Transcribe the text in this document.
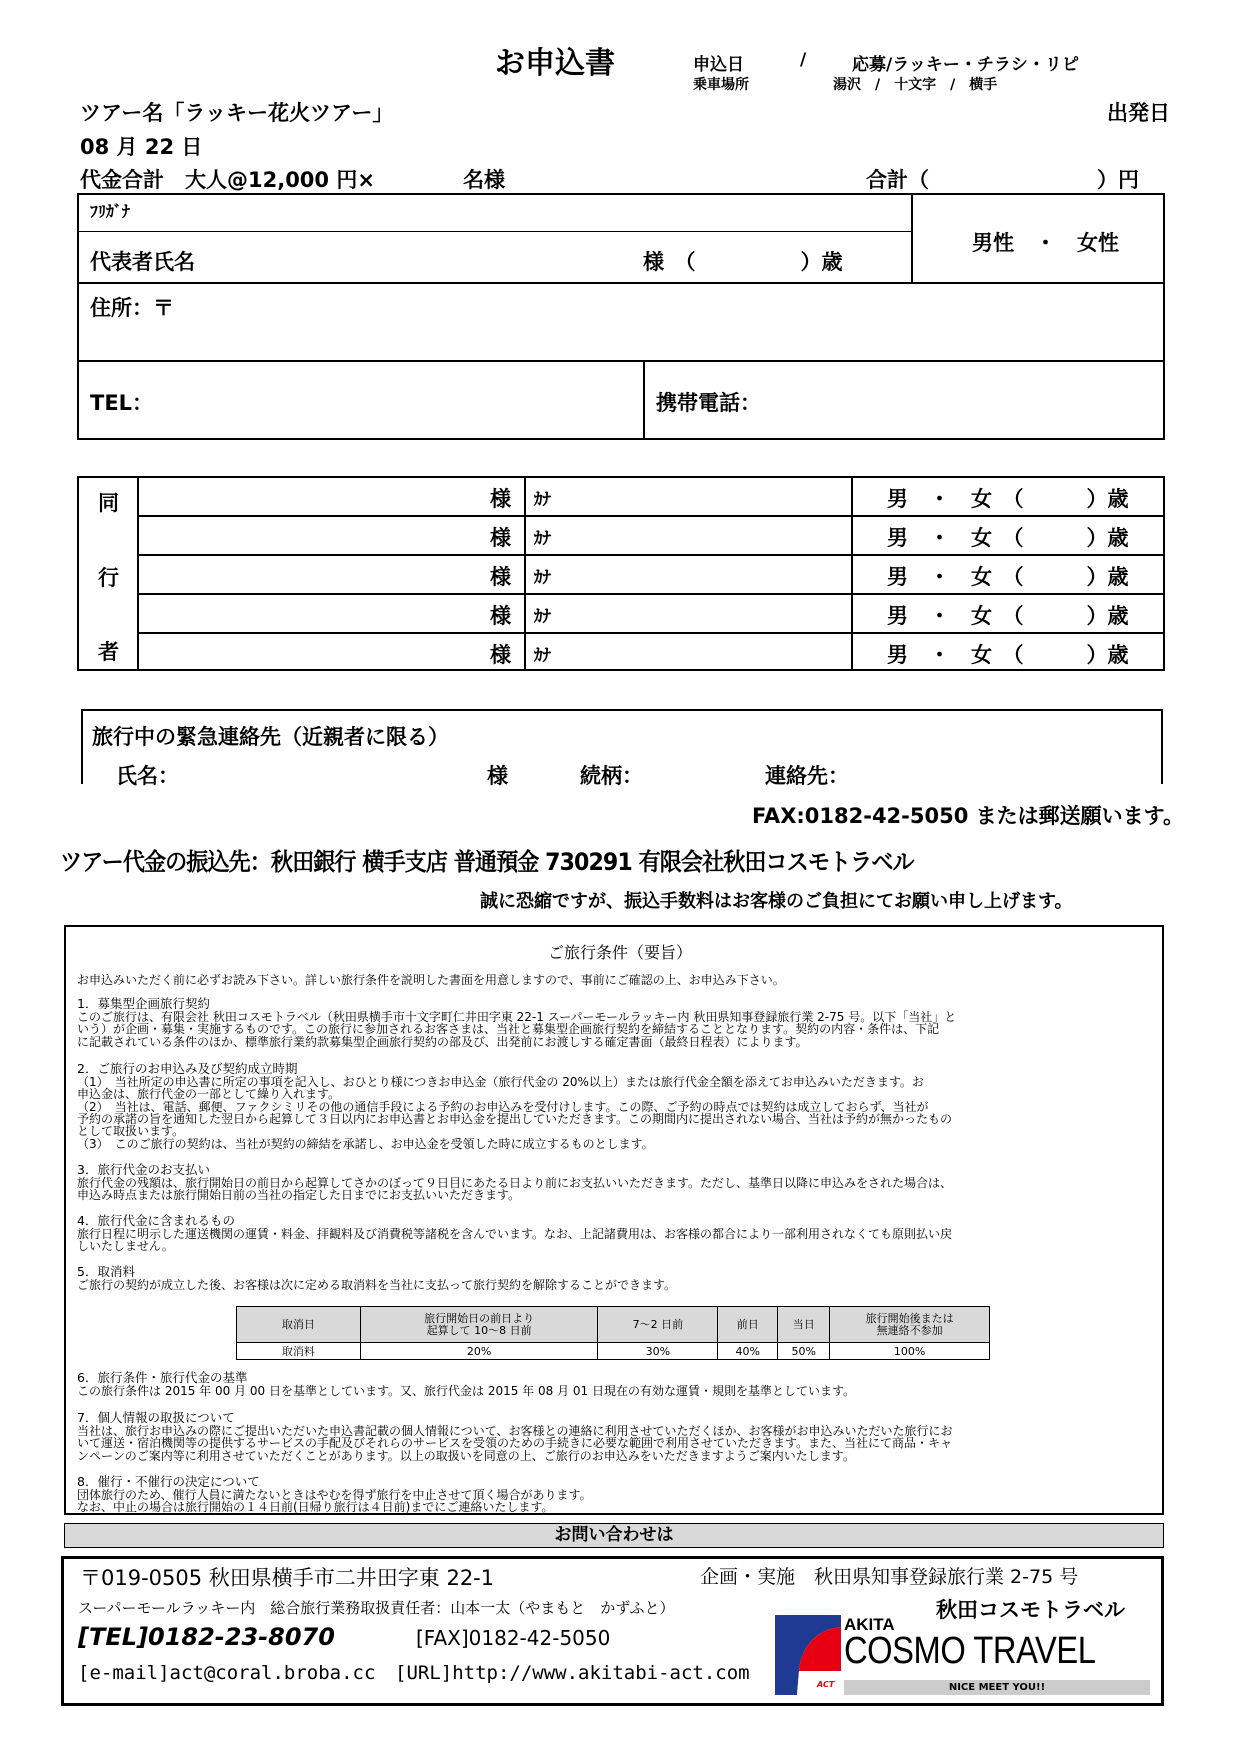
お申込書	申込日	/	応募/ラッキー・チラシ・リピ
乗車場所	湯沢　/　十文字　/　横手
ツアー名「ラッキー花火ツアー」	出発日
08 月 22 日
代金合計　大人@12,000 円×	名様	合計（	）円
ﾌﾘｶﾞﾅ
代表者氏名	様　（　　　　　）歳
男性　・　女性
住所：〒
TEL：	携帯電話：
同
行
者
様 ｶﾅ	男　・　女　（　　　）歳
様 ｶﾅ	男　・　女　（　　　）歳
様 ｶﾅ	男　・　女　（　　　）歳
様 ｶﾅ	男　・　女　（　　　）歳
様 ｶﾅ	男　・　女　（　　　）歳
旅行中の緊急連絡先（近親者に限る）
氏名：	様	続柄：	連絡先：
FAX:0182-42-5050 または郵送願います。
ツアー代金の振込先：秋田銀行 横手支店 普通預金 730291 有限会社秋田コスモトラベル
誠に恐縮ですが、振込手数料はお客様のご負担にてお願い申し上げます。
ご旅行条件（要旨）
お申込みいただく前に必ずお読み下さい。詳しい旅行条件を説明した書面を用意しますので、事前にご確認の上、お申込み下さい。
1．募集型企画旅行契約
このご旅行は、有限会社 秋田コスモトラベル（秋田県横手市十文字町仁井田字東 22-1 スーパーモールラッキー内 秋田県知事登録旅行業 2-75 号。以下「当社」と
いう）が企画・募集・実施するものです。この旅行に参加されるお客さまは、当社と募集型企画旅行契約を締結することとなります。契約の内容・条件は、下記
に記載されている条件のほか、標準旅行業約款募集型企画旅行契約の部及び、出発前にお渡しする確定書面（最終日程表）によります。
2．ご旅行のお申込み及び契約成立時期
（1）　当社所定の申込書に所定の事項を記入し、おひとり様につきお申込金（旅行代金の 20%以上）または旅行代金全額を添えてお申込みいただきます。お
申込金は、旅行代金の一部として繰り入れます。
（2）　当社は、電話、郵便、ファクシミリその他の通信手段による予約のお申込みを受付けします。この際、ご予約の時点では契約は成立しておらず、当社が
予約の承諾の旨を通知した翌日から起算して３日以内にお申込書とお申込金を提出していただきます。この期間内に提出されない場合、当社は予約が無かったもの
として取扱います。
（3）　このご旅行の契約は、当社が契約の締結を承諾し、お申込金を受領した時に成立するものとします。
3．旅行代金のお支払い
旅行代金の残額は、旅行開始日の前日から起算してさかのぼって９日目にあたる日より前にお支払いいただきます。ただし、基準日以降に申込みをされた場合は、
申込み時点または旅行開始日前の当社の指定した日までにお支払いいただきます。
4．旅行代金に含まれるもの
旅行日程に明示した運送機関の運賃・料金、拝観料及び消費税等諸税を含んでいます。なお、上記諸費用は、お客様の都合により一部利用されなくても原則払い戻
しいたしません。
5．取消料
ご旅行の契約が成立した後、お客様は次に定める取消料を当社に支払って旅行契約を解除することができます。
取消日	旅行開始日の前日より
起算して 10～8 日前	7～2 日前	前日	当日	旅行開始後または
無連絡不参加
取消料	20%	30%	40%	50%	100%
6．旅行条件・旅行代金の基準
この旅行条件は 2015 年 00 月 00 日を基準としています。又、旅行代金は 2015 年 08 月 01 日現在の有効な運賃・規則を基準としています。
7．個人情報の取扱について
当社は、旅行お申込みの際にご提出いただいた申込書記載の個人情報について、お客様との連絡に利用させていただくほか、お客様がお申込みいただいた旅行にお
いて運送・宿泊機関等の提供するサービスの手配及びそれらのサービスを受領のための手続きに必要な範囲で利用させていただきます。また、当社にて商品・キャ
ンペーンのご案内等に利用させていただくことがあります。以上の取扱いを同意の上、ご旅行のお申込みをいただきますようご案内いたします。
8．催行・不催行の決定について
団体旅行のため、催行人員に満たないときはやむを得ず旅行を中止させて頂く場合があります。
なお、中止の場合は旅行開始の１４日前(日帰り旅行は４日前)までにご連絡いたします。
お問い合わせは
〒019-0505 秋田県横手市二井田字東 22-1	企画・実施　秋田県知事登録旅行業 2-75 号
スーパーモールラッキー内　総合旅行業務取扱責任者：山本一太（やまもと　かずふと）	秋田コスモトラベル
[TEL]0182-23-8070	[FAX]0182-42-5050
[e-mail]act@coral.broba.cc [URL]http://www.akitabi-act.com
ACT
AKITA
COSMO TRAVEL
NICE MEET YOU!!
